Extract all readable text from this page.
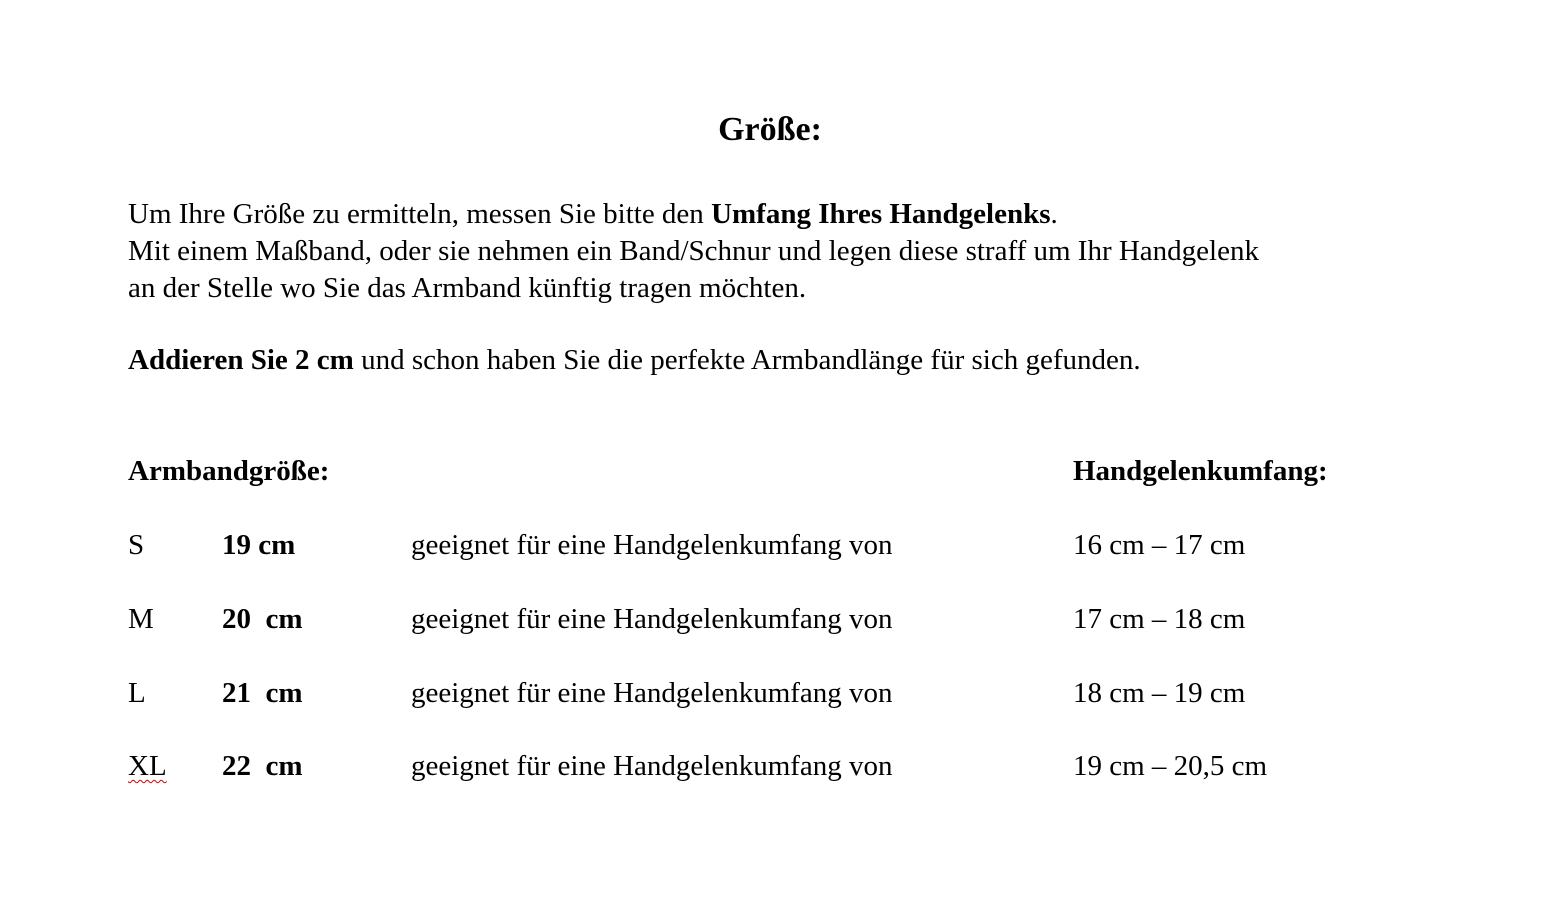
Größe:

Um Ihre Größe zu ermitteln, messen Sie bitte den Umfang Ihres Handgelenks.
Mit einem Maßband, oder sie nehmen ein Band/Schnur und legen diese straff um Ihr Handgelenk
an der Stelle wo Sie das Armband künftig tragen möchten.

Addieren Sie 2 cm und schon haben Sie die perfekte Armbandlänge für sich gefunden.

Armbandgröße:	Handgelenkumfang:
S	19 cm	geeignet für eine Handgelenkumfang von	16 cm – 17 cm
M 20  cm	geeignet für eine Handgelenkumfang von	17 cm – 18 cm
L	21  cm	geeignet für eine Handgelenkumfang von	18 cm – 19 cm
XL 22  cm	geeignet für eine Handgelenkumfang von	19 cm – 20,5 cm
